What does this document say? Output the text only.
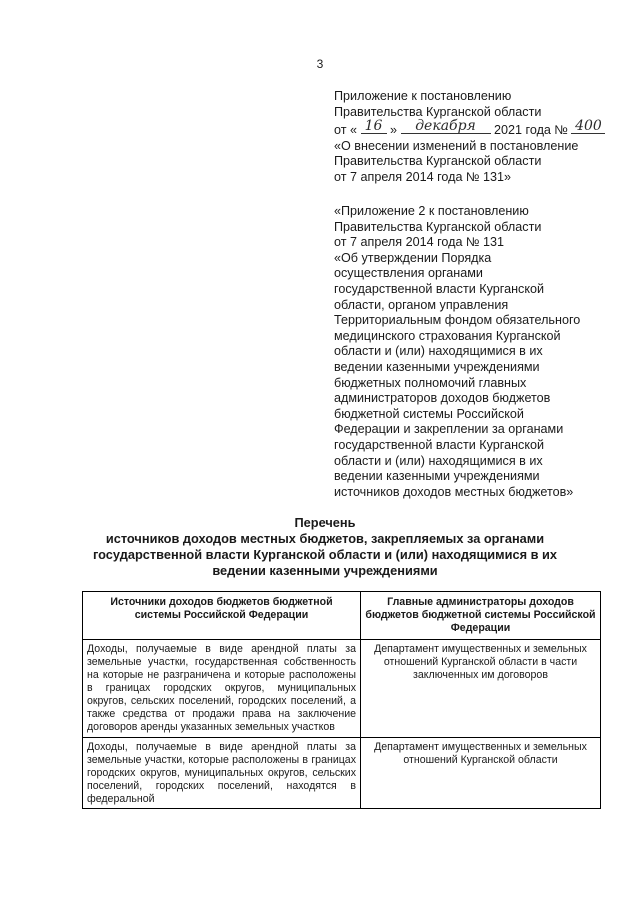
3
Приложение к постановлению
Правительства Курганской области
от « 16 »	декабря	2021 года № 400
«О внесении изменений в постановление
Правительства Курганской области
от 7 апреля 2014 года № 131»
«Приложение 2 к постановлению
Правительства Курганской области
от 7 апреля 2014 года № 131
«Об утверждении Порядка
осуществления органами
государственной власти Курганской
области, органом управления
Территориальным фондом обязательного
медицинского страхования Курганской
области и (или) находящимися в их
ведении казенными учреждениями
бюджетных полномочий главных
администраторов доходов бюджетов
бюджетной системы Российской
Федерации и закреплении за органами
государственной власти Курганской
области и (или) находящимися в их
ведении казенными учреждениями
источников доходов местных бюджетов»
Перечень
источников доходов местных бюджетов, закрепляемых за органами
государственной власти Курганской области и (или) находящимися в их
ведении казенными учреждениями
Источники доходов бюджетов бюджетной системы Российской Федерации	Главные администраторы доходов бюджетов бюджетной системы Российской Федерации
Доходы, получаемые в виде арендной платы за земельные участки, государственная собственность на которые не разграничена и которые расположены в границах городских округов, муниципальных округов, сельских поселений, городских поселений, а также средства от продажи права на заключение договоров аренды указанных земельных участков	Департамент имущественных и земельных отношений Курганской области в части заключенных им договоров

Доходы, получаемые в виде арендной платы за земельные участки, которые расположены в границах городских округов, муниципальных округов, сельских поселений, городских поселений, находятся в федеральной	Департамент имущественных и земельных отношений Курганской области
